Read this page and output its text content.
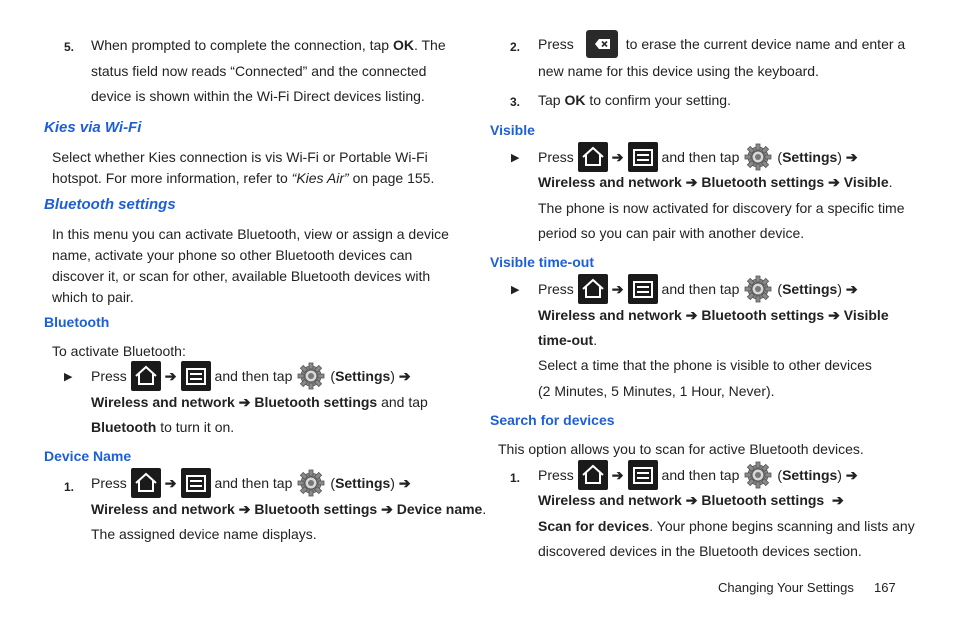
5. When prompted to complete the connection, tap OK. The
status field now reads “Connected” and the connected
device is shown within the Wi-Fi Direct devices listing.
Kies via Wi-Fi
Select whether Kies connection is vis Wi-Fi or Portable Wi-Fi
hotspot. For more information, refer to “Kies Air” on page 155.
Bluetooth settings
In this menu you can activate Bluetooth, view or assign a device
name, activate your phone so other Bluetooth devices can
discover it, or scan for other, available Bluetooth devices with
which to pair.
Bluetooth
To activate Bluetooth:
▶ Press	➔	and then tap	(Settings) ➔
Wireless and network ➔ Bluetooth settings and tap
Bluetooth to turn it on.
Device Name
1. Press	➔	and then tap	(Settings) ➔
Wireless and network ➔ Bluetooth settings ➔ Device name.
The assigned device name displays.
2. Press	to erase the current device name and enter a
new name for this device using the keyboard.
3. Tap OK to confirm your setting.
Visible
▶ Press	➔	and then tap	(Settings) ➔
Wireless and network ➔ Bluetooth settings ➔ Visible.
The phone is now activated for discovery for a specific time
period so you can pair with another device.
Visible time-out
▶ Press	➔	and then tap	(Settings) ➔
Wireless and network ➔ Bluetooth settings ➔ Visible
time-out.
Select a time that the phone is visible to other devices
(2 Minutes, 5 Minutes, 1 Hour, Never).
Search for devices
This option allows you to scan for active Bluetooth devices.
1. Press	➔	and then tap	(Settings) ➔
Wireless and network ➔ Bluetooth settings ➔
Scan for devices. Your phone begins scanning and lists any
discovered devices in the Bluetooth devices section.
Changing Your Settings 167
